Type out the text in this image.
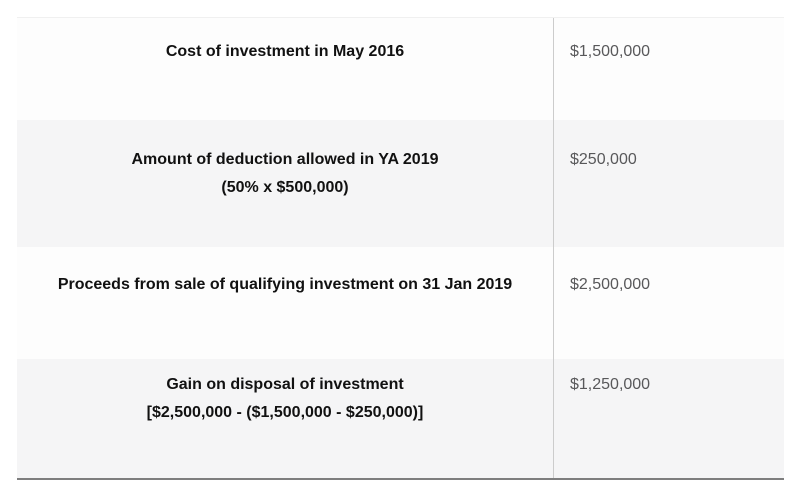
Cost of investment in May 2016	$1,500,000
Amount of deduction allowed in YA 2019
(50% x $500,000)
$250,000
Proceeds from sale of qualifying investment on 31 Jan 2019	$2,500,000
Gain on disposal of investment
[$2,500,000 - ($1,500,000 - $250,000)]
$1,250,000
